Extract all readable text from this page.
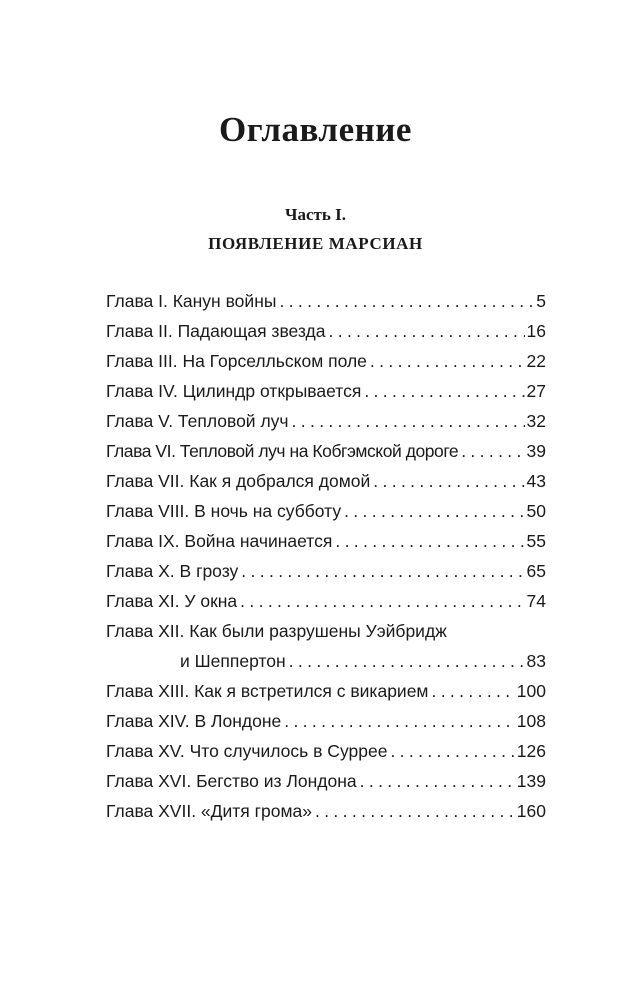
Оглавление

Часть I.

ПОЯВЛЕНИЕ МАРСИАН

Глава I. Канун войны . . .	5
Глава II. Падающая звезда . . .	16
Глава III. На Горселльском поле . . .	22
Глава IV. Цилиндр открывается . . .	27
Глава V. Тепловой луч . . .	32
Глава VI. Тепловой луч на Кобгэмской дороге . . .	39
Глава VII. Как я добрался домой . . .	43
Глава VIII. В ночь на субботу . . .	50
Глава IX. Война начинается . . .	55
Глава X. В грозу . . .	65
Глава XI. У окна . . .	74
Глава XII. Как были разрушены Уэйбридж
и Шеппертон . . .	83
Глава XIII. Как я встретился с викарием . . .	100
Глава XIV. В Лондоне . . .	108
Глава XV. Что случилось в Суррее . . .	126
Глава XVI. Бегство из Лондона . . .	139
Глава XVII. «Дитя грома» . . .	160
